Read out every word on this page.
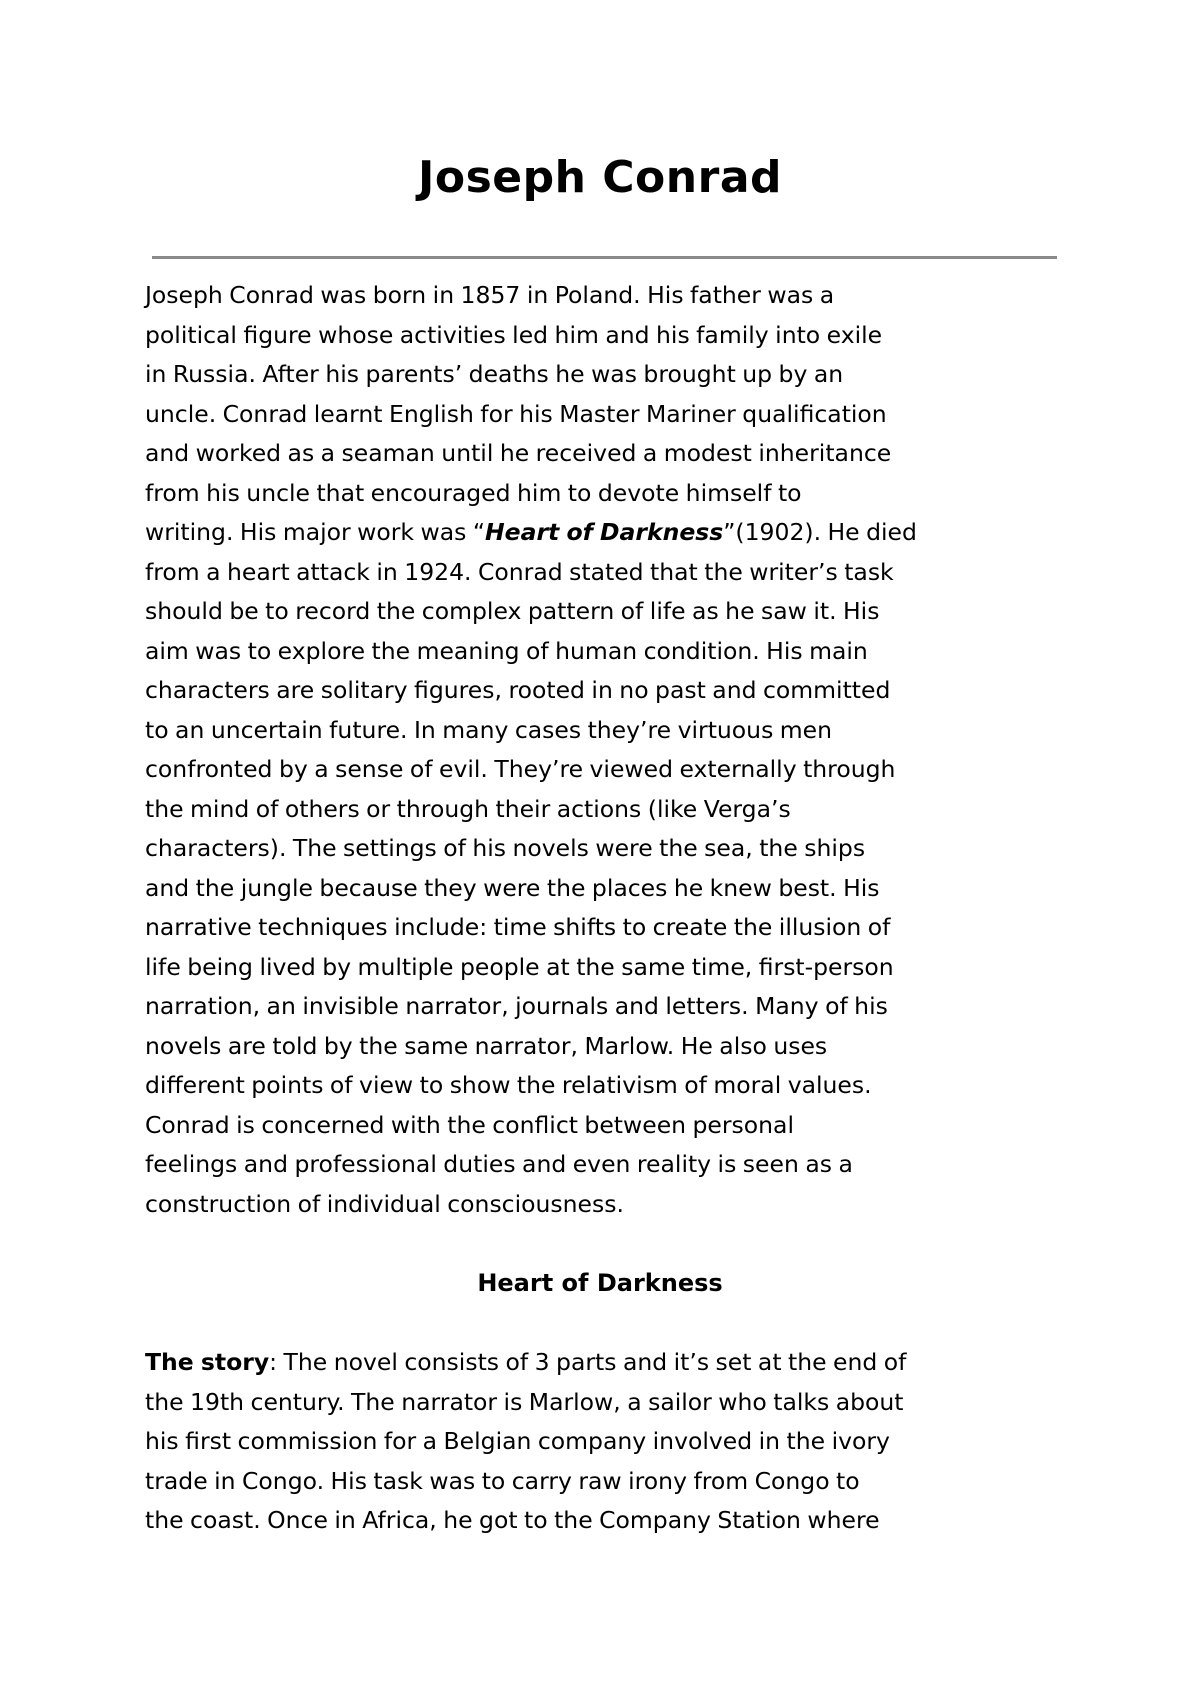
Joseph Conrad
Joseph Conrad was born in 1857 in Poland. His father was a
political figure whose activities led him and his family into exile
in Russia. After his parents’ deaths he was brought up by an
uncle. Conrad learnt English for his Master Mariner qualification
and worked as a seaman until he received a modest inheritance
from his uncle that encouraged him to devote himself to
writing. His major work was “Heart of Darkness”(1902). He died
from a heart attack in 1924. Conrad stated that the writer’s task
should be to record the complex pattern of life as he saw it. His
aim was to explore the meaning of human condition. His main
characters are solitary figures, rooted in no past and committed
to an uncertain future. In many cases they’re virtuous men
confronted by a sense of evil. They’re viewed externally through
the mind of others or through their actions (like Verga’s
characters). The settings of his novels were the sea, the ships
and the jungle because they were the places he knew best. His
narrative techniques include: time shifts to create the illusion of
life being lived by multiple people at the same time, first-person
narration, an invisible narrator, journals and letters. Many of his
novels are told by the same narrator, Marlow. He also uses
different points of view to show the relativism of moral values.
Conrad is concerned with the conflict between personal
feelings and professional duties and even reality is seen as a
construction of individual consciousness.
Heart of Darkness
The story: The novel consists of 3 parts and it’s set at the end of
the 19th century. The narrator is Marlow, a sailor who talks about
his first commission for a Belgian company involved in the ivory
trade in Congo. His task was to carry raw irony from Congo to
the coast. Once in Africa, he got to the Company Station where
